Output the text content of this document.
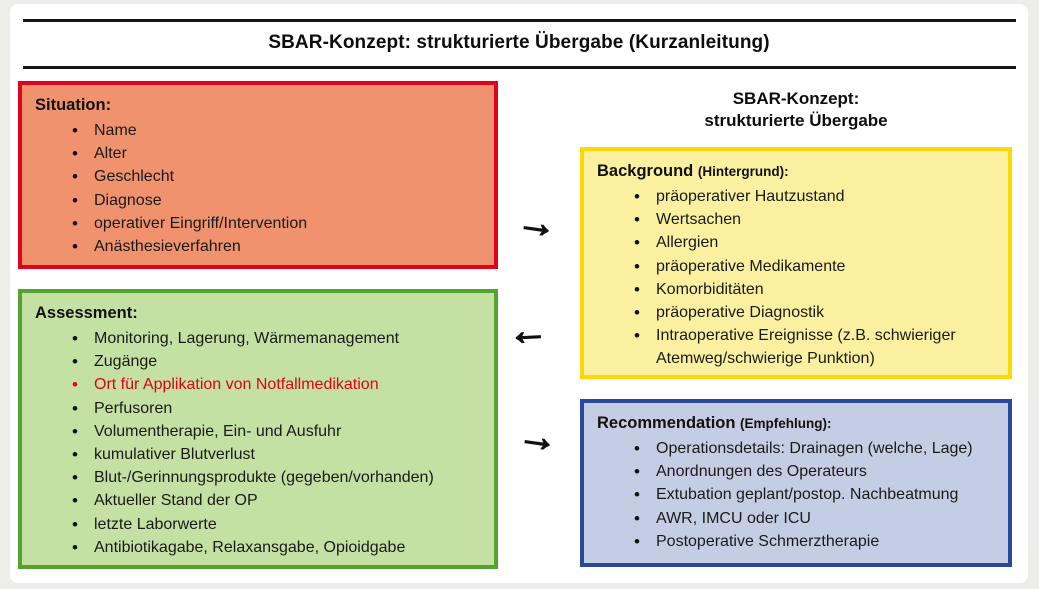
SBAR-Konzept: strukturierte Übergabe (Kurzanleitung)
Situation:
• Name
• Alter
• Geschlecht
• Diagnose
• operativer Eingriff/Intervention
• Anästhesieverfahren
Assessment:
• Monitoring, Lagerung, Wärmemanagement
• Zugänge
• Ort für Applikation von Notfallmedikation
• Perfusoren
• Volumentherapie, Ein- und Ausfuhr
• kumulativer Blutverlust
• Blut-/Gerinnungsprodukte (gegeben/vorhanden)
• Aktueller Stand der OP
• letzte Laborwerte
• Antibiotikagabe, Relaxansgabe, Opioidgabe
SBAR-Konzept:
strukturierte Übergabe
Background (Hintergrund):
• präoperativer Hautzustand
• Wertsachen
• Allergien
• präoperative Medikamente
• Komorbiditäten
• präoperative Diagnostik
• Intraoperative Ereignisse (z.B. schwieriger Atemweg/schwierige Punktion)
Recommendation (Empfehlung):
• Operationsdetails: Drainagen (welche, Lage)
• Anordnungen des Operateurs
• Extubation geplant/postop. Nachbeatmung
• AWR, IMCU oder ICU
• Postoperative Schmerztherapie
→
←
→
